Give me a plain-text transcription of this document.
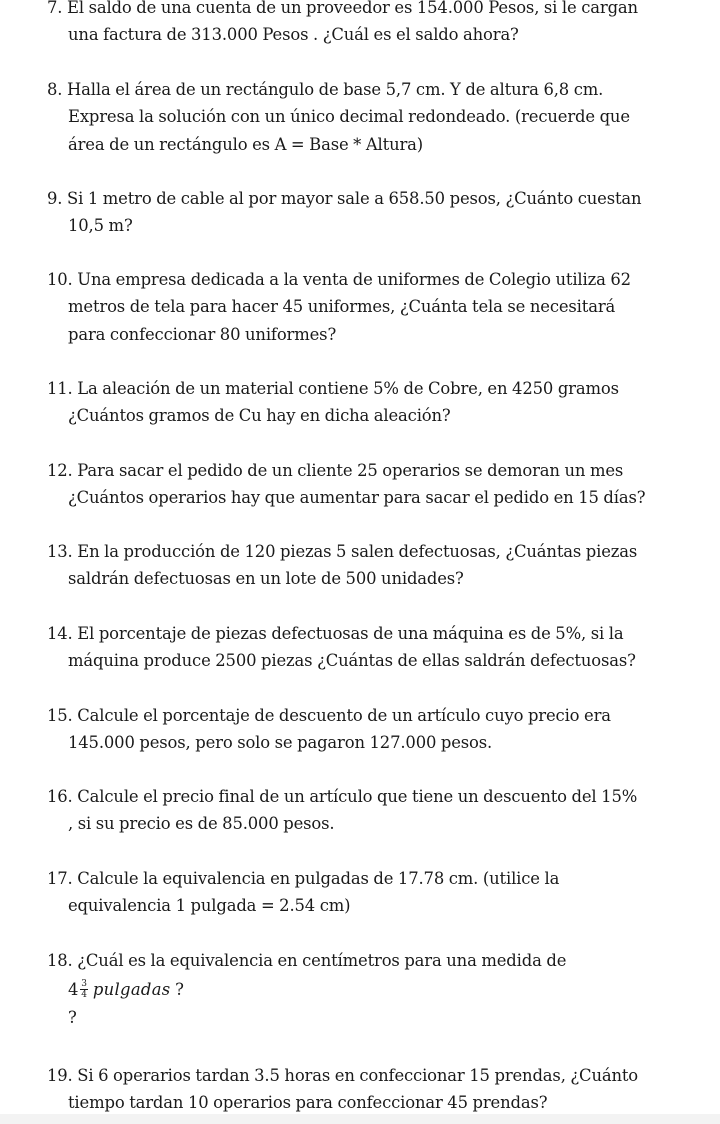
7. El saldo de una cuenta de un proveedor es 154.000 Pesos, si le cargan
una factura de 313.000 Pesos . ¿Cuál es el saldo ahora?
8. Halla el área de un rectángulo de base 5,7 cm. Y de altura 6,8 cm.
Expresa la solución con un único decimal redondeado. (recuerde que
área de un rectángulo es A = Base * Altura)
9. Si 1 metro de cable al por mayor sale a 658.50 pesos, ¿Cuánto cuestan
10,5 m?
10. Una empresa dedicada a la venta de uniformes de Colegio utiliza 62
metros de tela para hacer 45 uniformes, ¿Cuánta tela se necesitará
para confeccionar 80 uniformes?
11. La aleación de un material contiene 5% de Cobre, en 4250 gramos
¿Cuántos gramos de Cu hay en dicha aleación?
12. Para sacar el pedido de un cliente 25 operarios se demoran un mes
¿Cuántos operarios hay que aumentar para sacar el pedido en 15 días?
13. En la producción de 120 piezas 5 salen defectuosas, ¿Cuántas piezas
saldrán defectuosas en un lote de 500 unidades?
14. El porcentaje de piezas defectuosas de una máquina es de 5%, si la
máquina produce 2500 piezas ¿Cuántas de ellas saldrán defectuosas?
15. Calcule el porcentaje de descuento de un artículo cuyo precio era
145.000 pesos, pero solo se pagaron 127.000 pesos.
16. Calcule el precio final de un artículo que tiene un descuento del 15%
, si su precio es de 85.000 pesos.
17. Calcule la equivalencia en pulgadas de 17.78 cm. (utilice la
equivalencia 1 pulgada = 2.54 cm)
18. ¿Cuál es la equivalencia en centímetros para una medida de
$4 \frac{3}{4}$ pulgadas ?
?
19. Si 6 operarios tardan 3.5 horas en confeccionar 15 prendas, ¿Cuánto
tiempo tardan 10 operarios para confeccionar 45 prendas?
